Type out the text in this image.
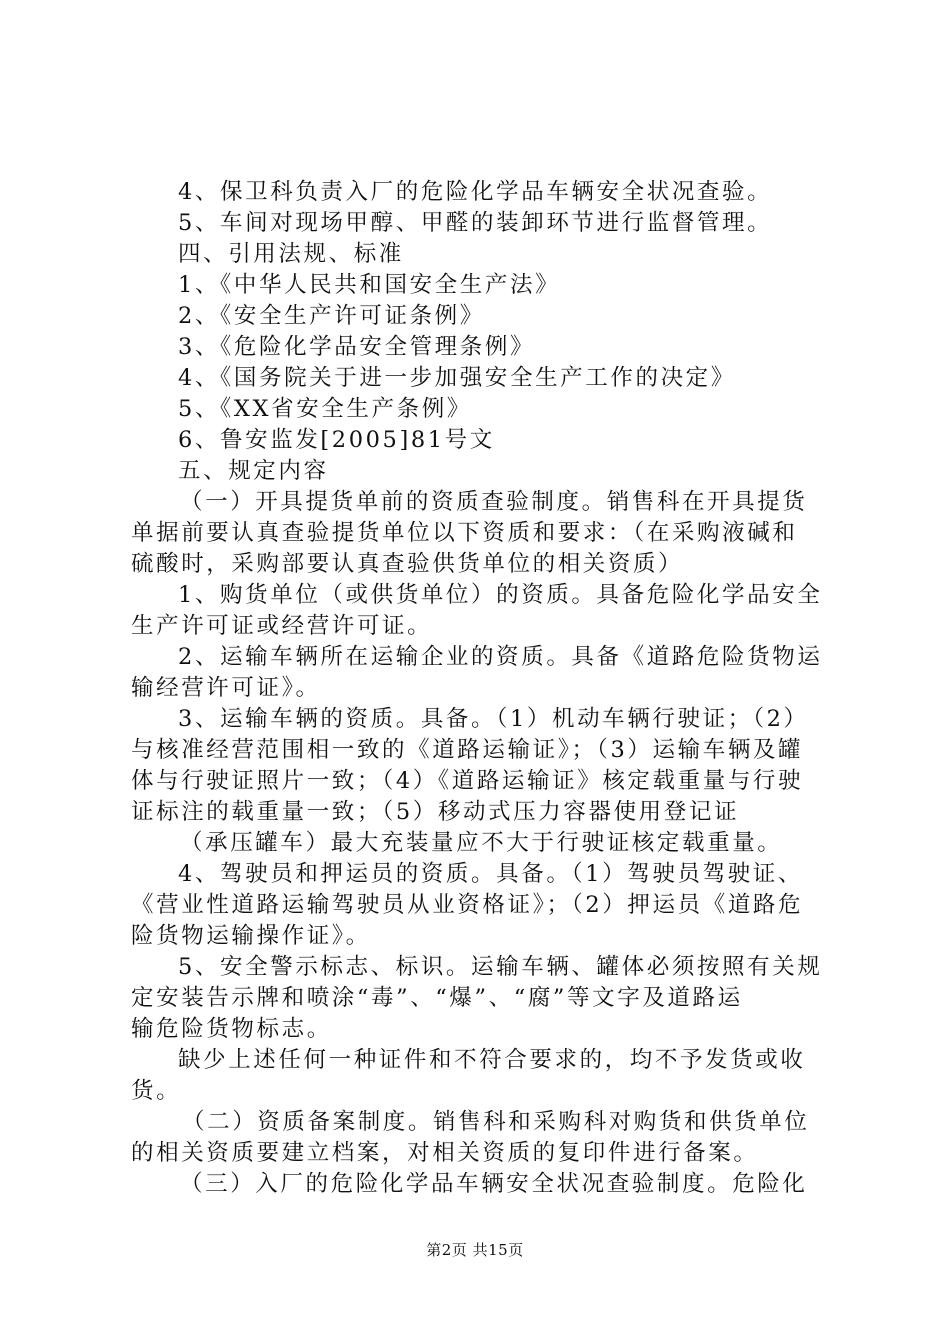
4、保卫科负责入厂的危险化学品车辆安全状况查验。
5、车间对现场甲醇、甲醛的装卸环节进行监督管理。
四、引用法规、标准
1、《中华人民共和国安全生产法》
2、《安全生产许可证条例》
3、《危险化学品安全管理条例》
4、《国务院关于进一步加强安全生产工作的决定》
5、《XX省安全生产条例》
6、鲁安监发[2005]81号文
五、规定内容
（一）开具提货单前的资质查验制度。销售科在开具提货
单据前要认真查验提货单位以下资质和要求：（在采购液碱和
硫酸时，采购部要认真查验供货单位的相关资质）
1、购货单位（或供货单位）的资质。具备危险化学品安全
生产许可证或经营许可证。
2、运输车辆所在运输企业的资质。具备《道路危险货物运
输经营许可证》。
3、运输车辆的资质。具备。（1）机动车辆行驶证；（2）
与核准经营范围相一致的《道路运输证》；（3）运输车辆及罐
体与行驶证照片一致；（4）《道路运输证》核定载重量与行驶
证标注的载重量一致；（5）移动式压力容器使用登记证
（承压罐车）最大充装量应不大于行驶证核定载重量。
4、驾驶员和押运员的资质。具备。（1）驾驶员驾驶证、
《营业性道路运输驾驶员从业资格证》；（2）押运员《道路危
险货物运输操作证》。
5、安全警示标志、标识。运输车辆、罐体必须按照有关规
定安装告示牌和喷涂“毒”、“爆”、“腐”等文字及道路运
输危险货物标志。
缺少上述任何一种证件和不符合要求的，均不予发货或收
货。
（二）资质备案制度。销售科和采购科对购货和供货单位
的相关资质要建立档案，对相关资质的复印件进行备案。
（三）入厂的危险化学品车辆安全状况查验制度。危险化
第2页 共15页
